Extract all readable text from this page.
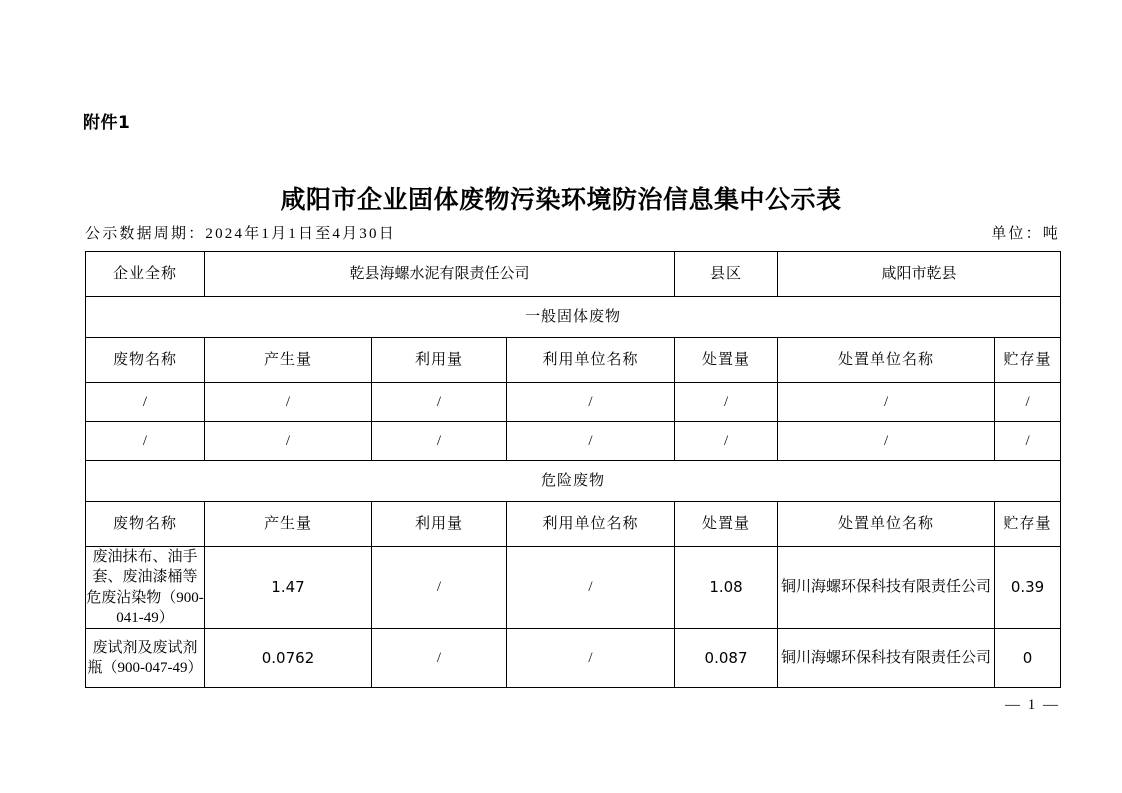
附件1
咸阳市企业固体废物污染环境防治信息集中公示表
公示数据周期：2024年1月1日至4月30日	单位：吨
企业全称	乾县海螺水泥有限责任公司			县区	咸阳市乾县	
一般固体废物						
废物名称	产生量	利用量	利用单位名称	处置量	处置单位名称	贮存量
/	/	/	/	/	/	/
/	/	/	/	/	/	/
危险废物						
废物名称	产生量	利用量	利用单位名称	处置量	处置单位名称	贮存量
废油抹布、油手套、废油漆桶等危废沾染物（900-041-49）	1.47	/	/	1.08	铜川海螺环保科技有限责任公司	0.39
废试剂及废试剂瓶（900-047-49）	0.0762	/	/	0.087	铜川海螺环保科技有限责任公司	0
— 1 —
